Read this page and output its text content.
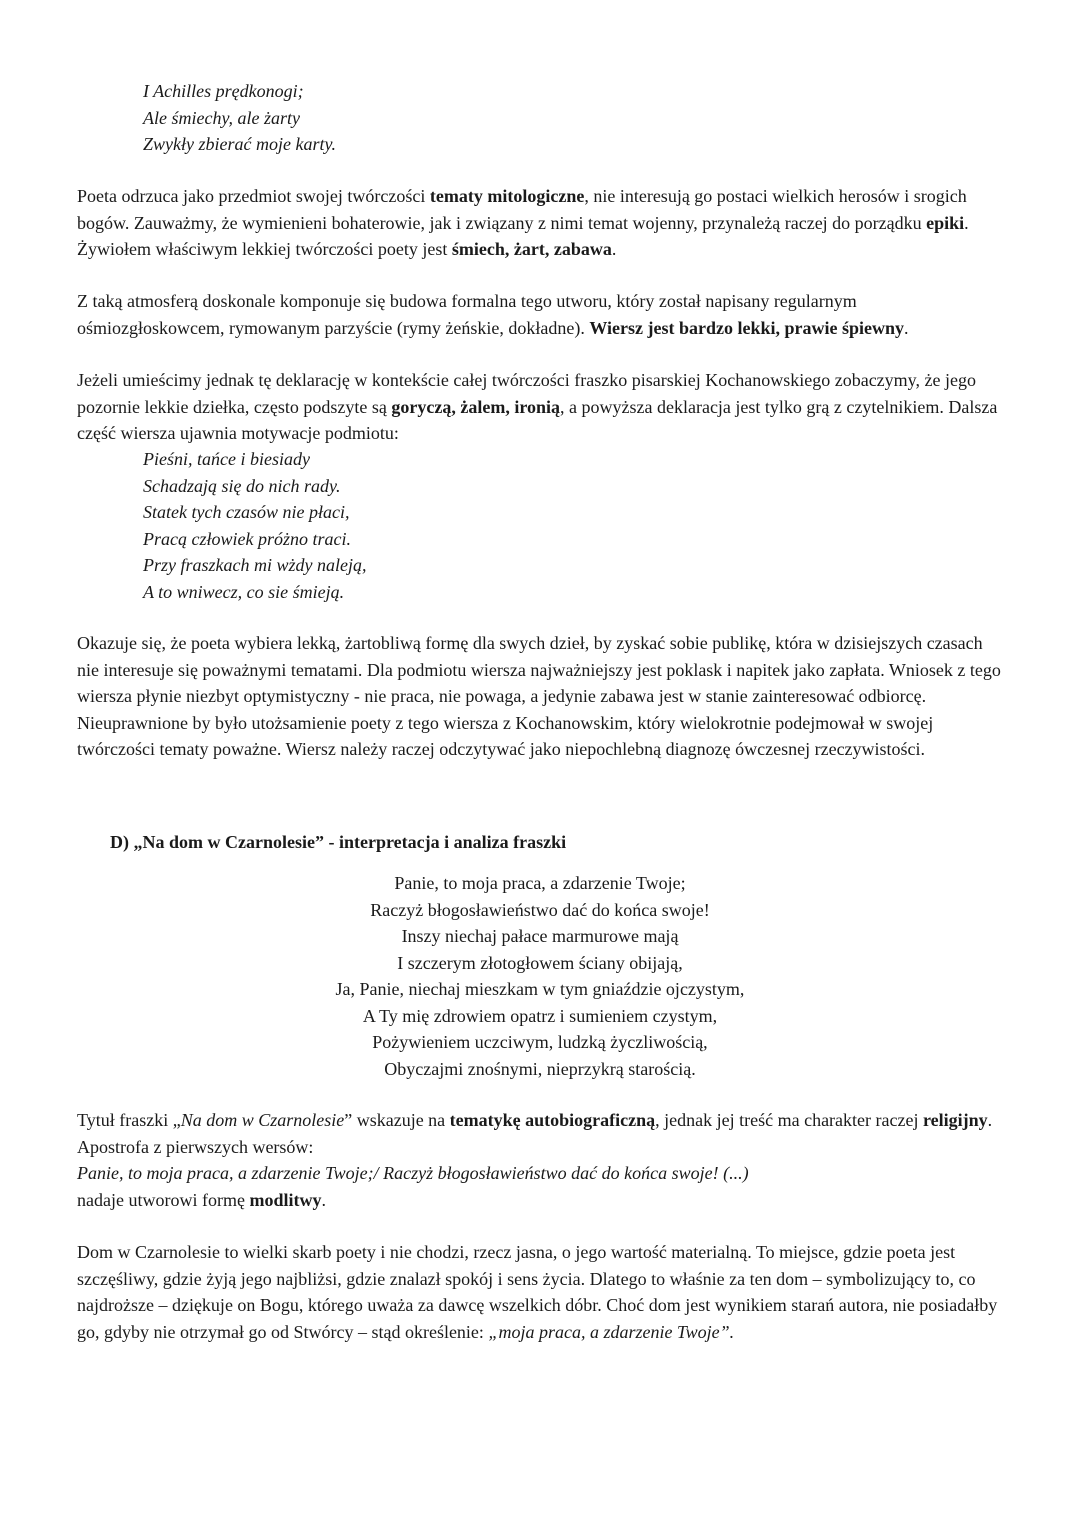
I Achilles prędkonogi;
Ale śmiechy, ale żarty
Zwykły zbierać moje karty.

Poeta odrzuca jako przedmiot swojej twórczości tematy mitologiczne, nie interesują go postaci wielkich herosów i srogich bogów. Zauważmy, że wymienieni bohaterowie, jak i związany z nimi temat wojenny, przynależą raczej do porządku epiki. Żywiołem właściwym lekkiej twórczości poety jest śmiech, żart, zabawa.

Z taką atmosferą doskonale komponuje się budowa formalna tego utworu, który został napisany regularnym ośmiozgłoskowcem, rymowanym parzyście (rymy żeńskie, dokładne). Wiersz jest bardzo lekki, prawie śpiewny.

Jeżeli umieścimy jednak tę deklarację w kontekście całej twórczości fraszko pisarskiej Kochanowskiego zobaczymy, że jego pozornie lekkie dziełka, często podszyte są goryczą, żalem, ironią, a powyższa deklaracja jest tylko grą z czytelnikiem. Dalsza część wiersza ujawnia motywacje podmiotu:

Pieśni, tańce i biesiady
Schadzają się do nich rady.
Statek tych czasów nie płaci,
Pracą człowiek próżno traci.
Przy fraszkach mi wżdy naleją,
A to wniwecz, co sie śmieją.

Okazuje się, że poeta wybiera lekką, żartobliwą formę dla swych dzieł, by zyskać sobie publikę, która w dzisiejszych czasach nie interesuje się poważnymi tematami. Dla podmiotu wiersza najważniejszy jest poklask i napitek jako zapłata. Wniosek z tego wiersza płynie niezbyt optymistyczny - nie praca, nie powaga, a jedynie zabawa jest w stanie zainteresować odbiorcę. Nieuprawnione by było utożsamienie poety z tego wiersza z Kochanowskim, który wielokrotnie podejmował w swojej twórczości tematy poważne. Wiersz należy raczej odczytywać jako niepochlebną diagnozę ówczesnej rzeczywistości.

D) „Na dom w Czarnolesie” - interpretacja i analiza fraszki

Panie, to moja praca, a zdarzenie Twoje;
Raczyż błogosławieństwo dać do końca swoje!
Inszy niechaj pałace marmurowe mają
I szczerym złotogłowem ściany obijają,
Ja, Panie, niechaj mieszkam w tym gniaździe ojczystym,
A Ty mię zdrowiem opatrz i sumieniem czystym,
Pożywieniem uczciwym, ludzką życzliwością,
Obyczajmi znośnymi, nieprzykrą starością.

Tytuł fraszki „Na dom w Czarnolesie” wskazuje na tematykę autobiograficzną, jednak jej treść ma charakter raczej religijny. Apostrofa z pierwszych wersów:
Panie, to moja praca, a zdarzenie Twoje;/ Raczyż błogosławieństwo dać do końca swoje! (...)
nadaje utworowi formę modlitwy.

Dom w Czarnolesie to wielki skarb poety i nie chodzi, rzecz jasna, o jego wartość materialną. To miejsce, gdzie poeta jest szczęśliwy, gdzie żyją jego najbliżsi, gdzie znalazł spokój i sens życia. Dlatego to właśnie za ten dom – symbolizujący to, co najdroższe – dziękuje on Bogu, którego uważa za dawcę wszelkich dóbr. Choć dom jest wynikiem starań autora, nie posiadałby go, gdyby nie otrzymał go od Stwórcy – stąd określenie: „moja praca, a zdarzenie Twoje”.
